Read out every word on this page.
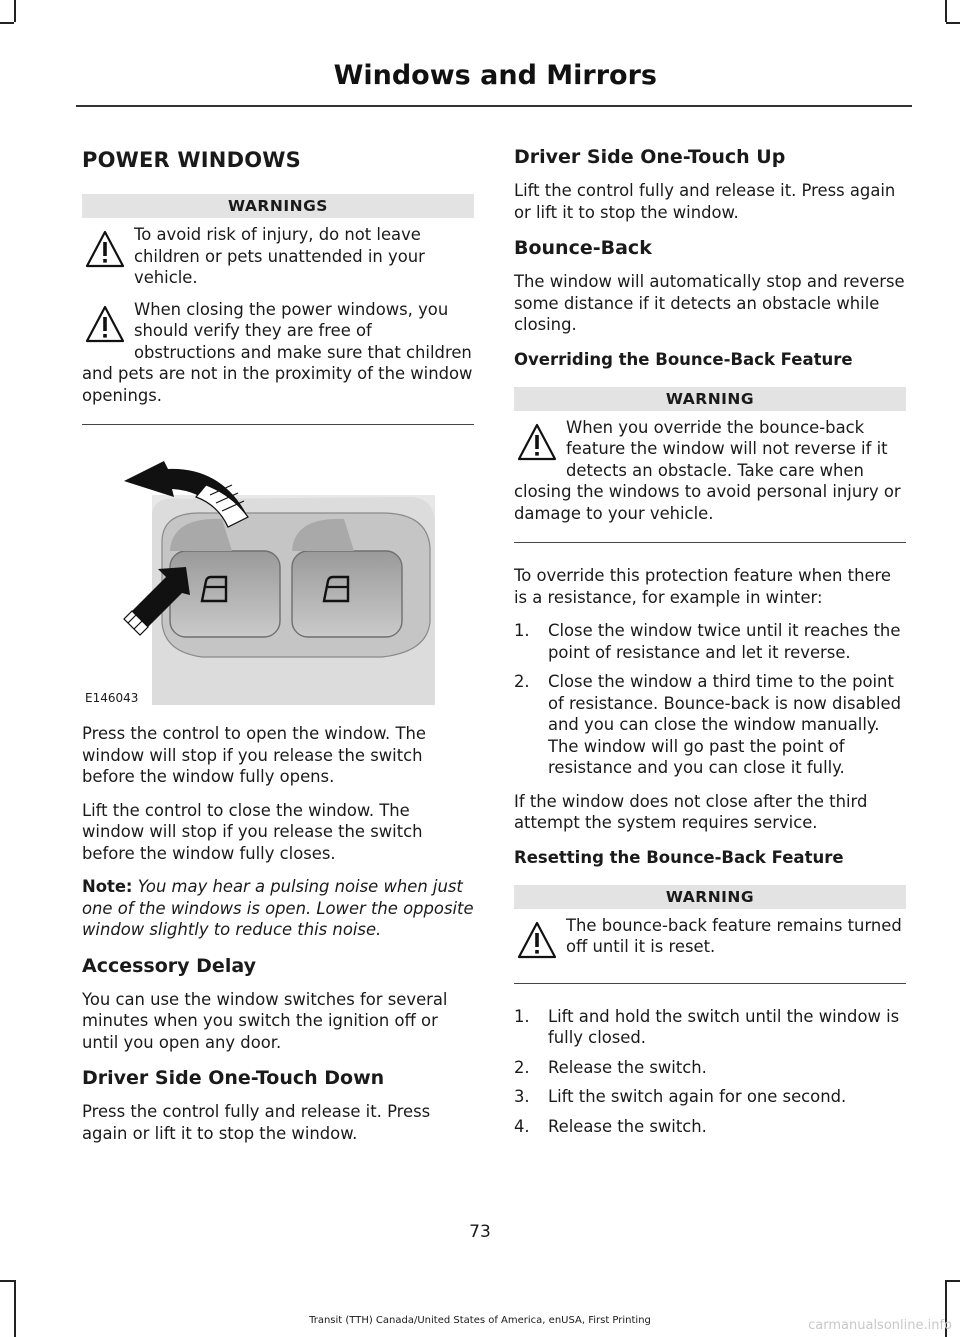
Windows and Mirrors
POWER WINDOWS
WARNINGS
To avoid risk of injury, do not leave children or pets unattended in your vehicle.
When closing the power windows, you should verify they are free of obstructions and make sure that children and pets are not in the proximity of the window openings.
E146043

Press the control to open the window. The window will stop if you release the switch before the window fully opens.

Lift the control to close the window. The window will stop if you release the switch before the window fully closes.

Note: You may hear a pulsing noise when just one of the windows is open. Lower the opposite window slightly to reduce this noise.

Accessory Delay

You can use the window switches for several minutes when you switch the ignition off or until you open any door.

Driver Side One-Touch Down

Press the control fully and release it. Press again or lift it to stop the window.

Driver Side One-Touch Up

Lift the control fully and release it. Press again or lift it to stop the window.

Bounce-Back

The window will automatically stop and reverse some distance if it detects an obstacle while closing.

Overriding the Bounce-Back Feature
WARNING
When you override the bounce-back feature the window will not reverse if it detects an obstacle. Take care when closing the windows to avoid personal injury or damage to your vehicle.

To override this protection feature when there is a resistance, for example in winter:

1. Close the window twice until it reaches the point of resistance and let it reverse.
2. Close the window a third time to the point of resistance. Bounce-back is now disabled and you can close the window manually. The window will go past the point of resistance and you can close it fully.

If the window does not close after the third attempt the system requires service.

Resetting the Bounce-Back Feature
WARNING
The bounce-back feature remains turned off until it is reset.
1. Lift and hold the switch until the window is fully closed.
2. Release the switch.
3. Lift the switch again for one second.
4. Release the switch.
73
Transit (TTH) Canada/United States of America, enUSA, First Printing	carmanualsonline.info
